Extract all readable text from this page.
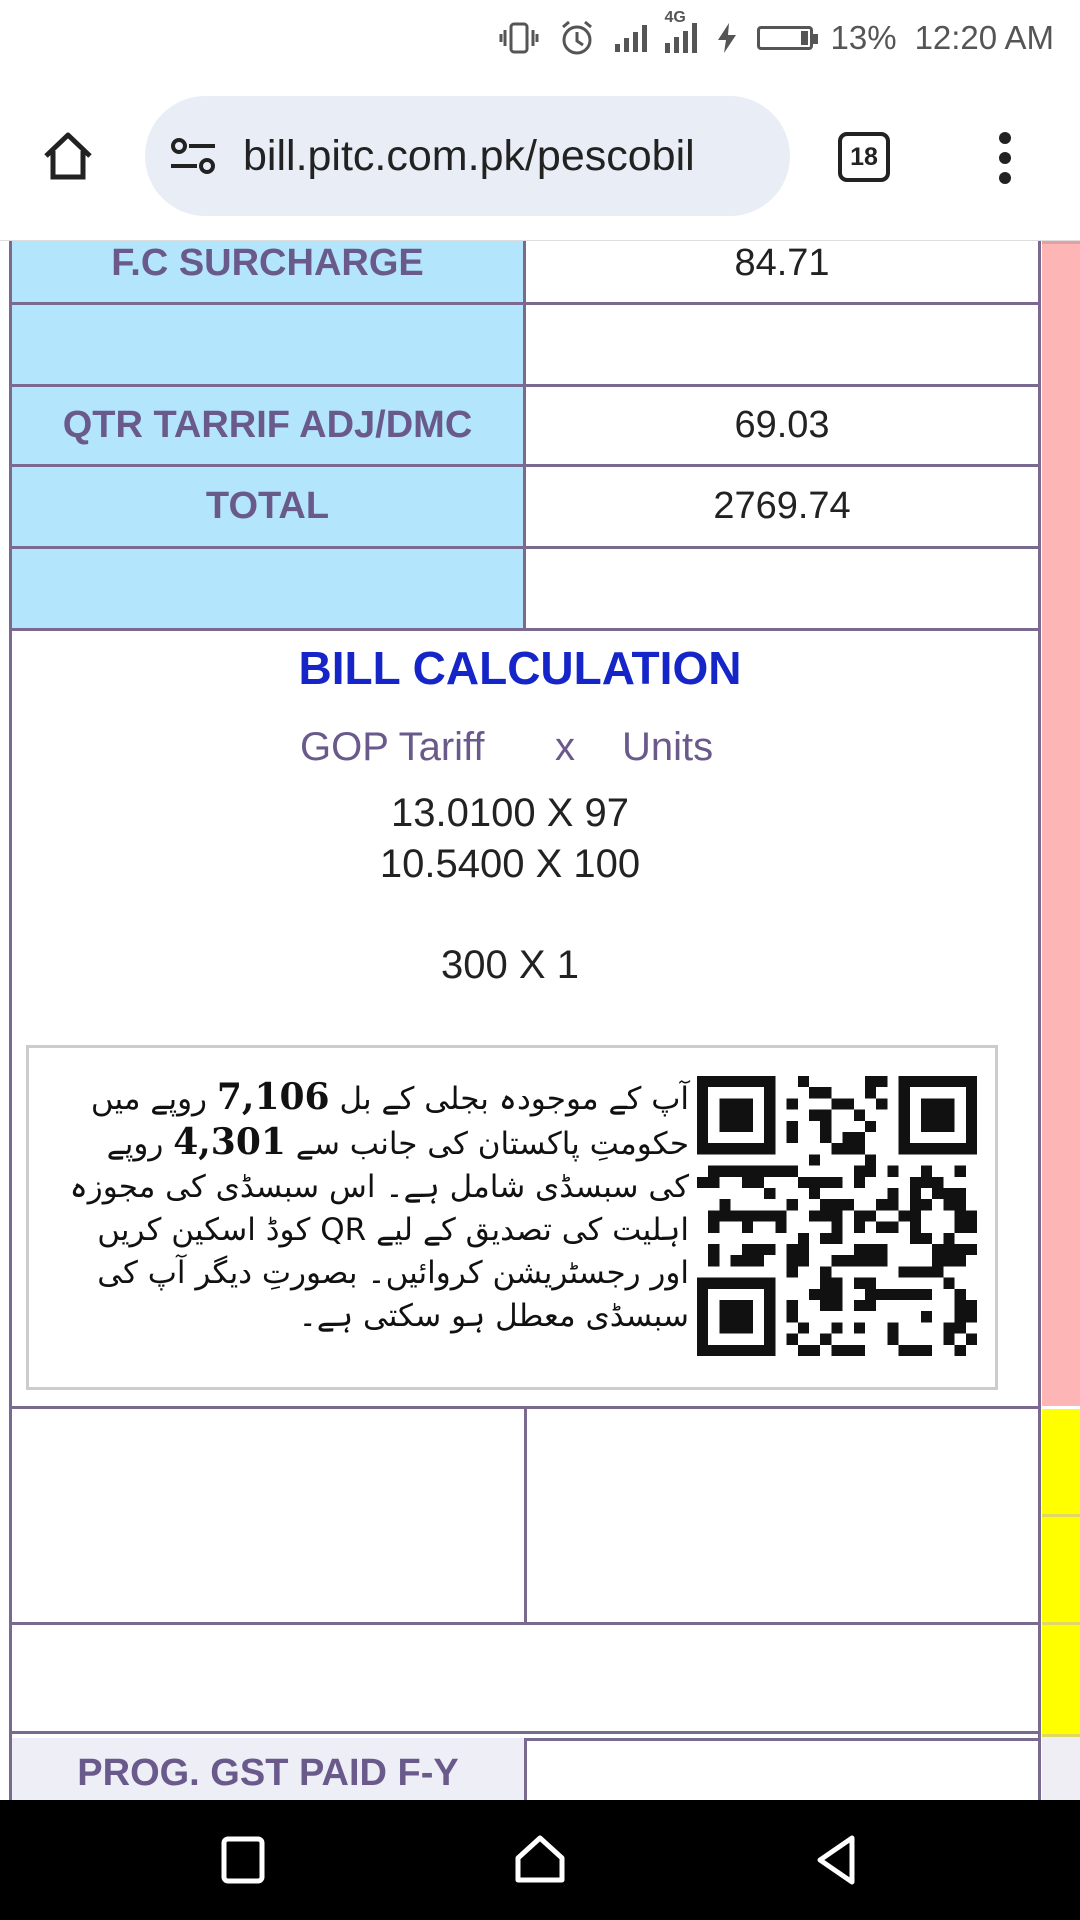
4G
13% 12:20 AM
bill.pitc.com.pk/pescobil	18
F.C SURCHARGE	84.71
QTR TARRIF ADJ/DMC	69.03
TOTAL	2769.74
BILL CALCULATION
GOP Tariff x Units
13.0100 X 97
10.5400 X 100
300 X 1
آپ کے موجودہ بجلی کے بل 7,106 روپے میں حکومتِ پاکستان کی جانب سے 4,301 روپے کی سبسڈی شامل ہے۔ اس سبسڈی کی مجوزہ اہلیت کی تصدیق کے لیے QR کوڈ اسکین کریں اور رجسٹریشن کروائیں۔ بصورتِ دیگر آپ کی سبسڈی معطل ہو سکتی ہے۔
PROG. GST PAID F-Y
